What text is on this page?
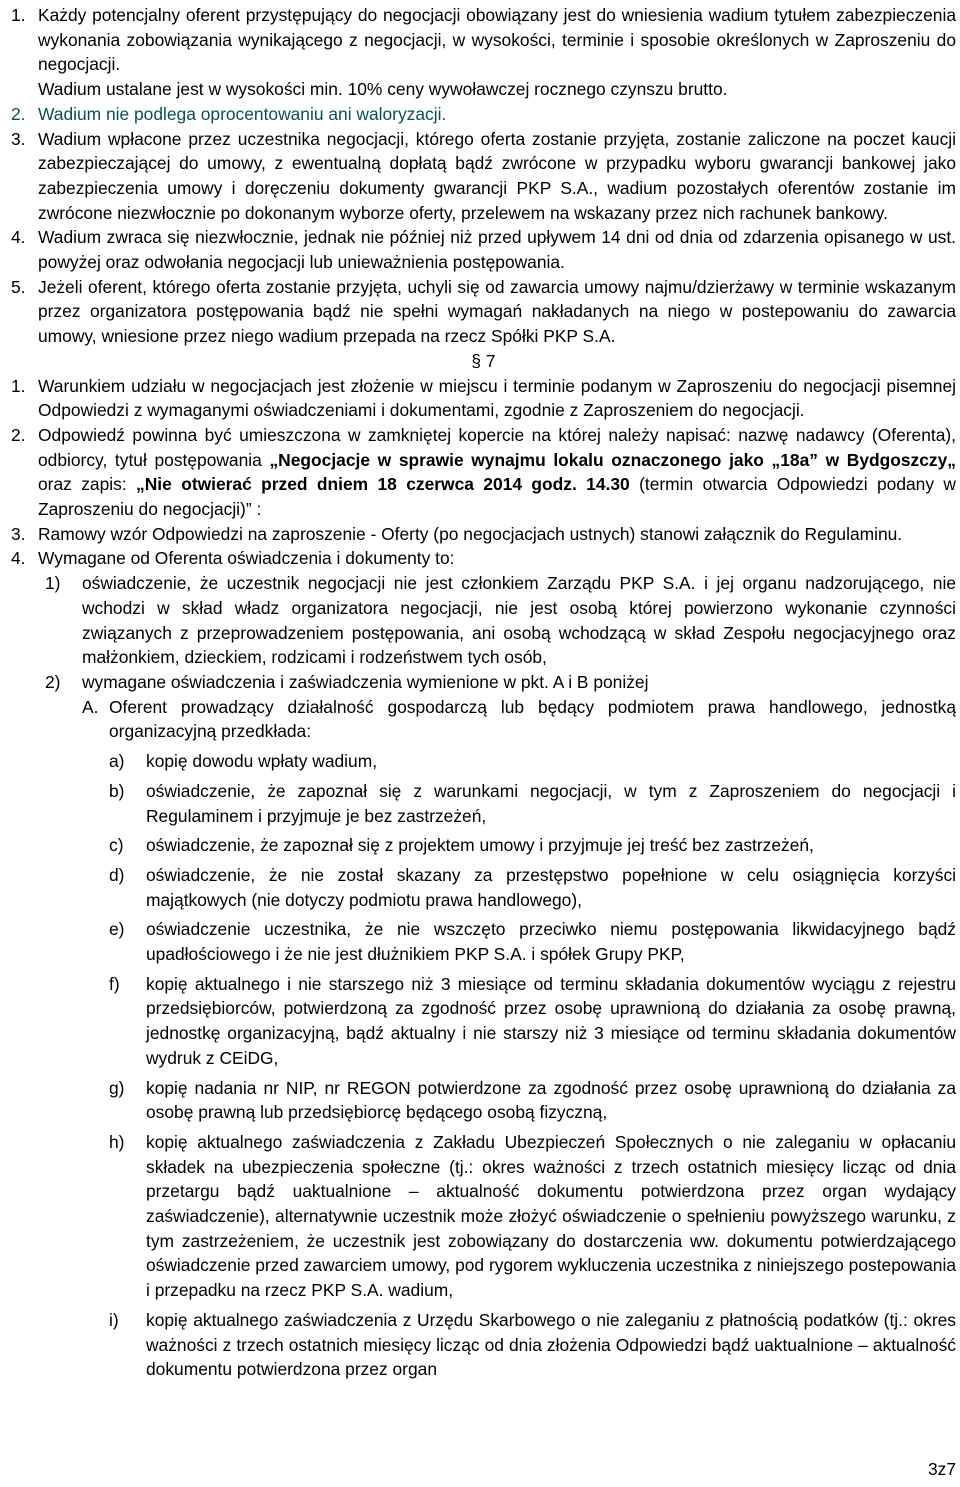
1. Każdy potencjalny oferent przystępujący do negocjacji obowiązany jest do wniesienia wadium tytułem zabezpieczenia wykonania zobowiązania wynikającego z negocjacji, w wysokości, terminie i sposobie określonych w Zaproszeniu do negocjacji.
Wadium ustalane jest w wysokości min. 10% ceny wywoławczej rocznego czynszu brutto.
2. Wadium nie podlega oprocentowaniu ani waloryzacji.
3. Wadium wpłacone przez uczestnika negocjacji, którego oferta zostanie przyjęta, zostanie zaliczone na poczet kaucji zabezpieczającej do umowy, z ewentualną dopłatą bądź zwrócone w przypadku wyboru gwarancji bankowej jako zabezpieczenia umowy i doręczeniu dokumenty gwarancji PKP S.A., wadium pozostałych oferentów zostanie im zwrócone niezwłocznie po dokonanym wyborze oferty, przelewem na wskazany przez nich rachunek bankowy.
4. Wadium zwraca się niezwłocznie, jednak nie później niż przed upływem 14 dni od dnia od zdarzenia opisanego w ust. powyżej oraz odwołania negocjacji lub unieważnienia postępowania.
5. Jeżeli oferent, którego oferta zostanie przyjęta, uchyli się od zawarcia umowy najmu/dzierżawy w terminie wskazanym przez organizatora postępowania bądź nie spełni wymagań nakładanych na niego w postepowaniu do zawarcia umowy, wniesione przez niego wadium przepada na rzecz Spółki PKP S.A.
§ 7
1. Warunkiem udziału w negocjacjach jest złożenie w miejscu i terminie podanym w Zaproszeniu do negocjacji pisemnej Odpowiedzi z wymaganymi oświadczeniami i dokumentami, zgodnie z Zaproszeniem do negocjacji.
2. Odpowiedź powinna być umieszczona w zamkniętej kopercie na której należy napisać: nazwę nadawcy (Oferenta), odbiorcy, tytuł postępowania „Negocjacje w sprawie wynajmu lokalu oznaczonego jako „18a” w Bydgoszczy„ oraz zapis: „Nie otwierać przed dniem 18 czerwca 2014 godz. 14.30 (termin otwarcia Odpowiedzi podany w Zaproszeniu do negocjacji)” :
3. Ramowy wzór Odpowiedzi na zaproszenie - Oferty (po negocjacjach ustnych) stanowi załącznik do Regulaminu.
4. Wymagane od Oferenta oświadczenia i dokumenty to:
1) oświadczenie, że uczestnik negocjacji nie jest członkiem Zarządu PKP S.A. i jej organu nadzorującego, nie wchodzi w skład władz organizatora negocjacji, nie jest osobą której powierzono wykonanie czynności związanych z przeprowadzeniem postępowania, ani osobą wchodzącą w skład Zespołu negocjacyjnego oraz małżonkiem, dzieckiem, rodzicami i rodzeństwem tych osób,
2) wymagane oświadczenia i zaświadczenia wymienione w pkt. A i B poniżej
A. Oferent prowadzący działalność gospodarczą lub będący podmiotem prawa handlowego, jednostką organizacyjną przedkłada:
a) kopię dowodu wpłaty wadium,
b) oświadczenie, że zapoznał się z warunkami negocjacji, w tym z Zaproszeniem do negocjacji i Regulaminem i przyjmuje je bez zastrzeżeń,
c) oświadczenie, że zapoznał się z projektem umowy i przyjmuje jej treść bez zastrzeżeń,
d) oświadczenie, że nie został skazany za przestępstwo popełnione w celu osiągnięcia korzyści majątkowych (nie dotyczy podmiotu prawa handlowego),
e) oświadczenie uczestnika, że nie wszczęto przeciwko niemu postępowania likwidacyjnego bądź upadłościowego i że nie jest dłużnikiem PKP S.A. i spółek Grupy PKP,
f) kopię aktualnego i nie starszego niż 3 miesiące od terminu składania dokumentów wyciągu z rejestru przedsiębiorców, potwierdzoną za zgodność przez osobę uprawnioną do działania za osobę prawną, jednostkę organizacyjną, bądź aktualny i nie starszy niż 3 miesiące od terminu składania dokumentów wydruk z CEiDG,
g) kopię nadania nr NIP, nr REGON potwierdzone za zgodność przez osobę uprawnioną do działania za osobę prawną lub przedsiębiorcę będącego osobą fizyczną,
h) kopię aktualnego zaświadczenia z Zakładu Ubezpieczeń Społecznych o nie zaleganiu w opłacaniu składek na ubezpieczenia społeczne (tj.: okres ważności z trzech ostatnich miesięcy licząc od dnia przetargu bądź uaktualnione – aktualność dokumentu potwierdzona przez organ wydający zaświadczenie), alternatywnie uczestnik może złożyć oświadczenie o spełnieniu powyższego warunku, z tym zastrzeżeniem, że uczestnik jest zobowiązany do dostarczenia ww. dokumentu potwierdzającego oświadczenie przed zawarciem umowy, pod rygorem wykluczenia uczestnika z niniejszego postepowania i przepadku na rzecz PKP S.A. wadium,
i) kopię aktualnego zaświadczenia z Urzędu Skarbowego o nie zaleganiu z płatnością podatków (tj.: okres ważności z trzech ostatnich miesięcy licząc od dnia złożenia Odpowiedzi bądź uaktualnione – aktualność dokumentu potwierdzona przez organ
3z7
